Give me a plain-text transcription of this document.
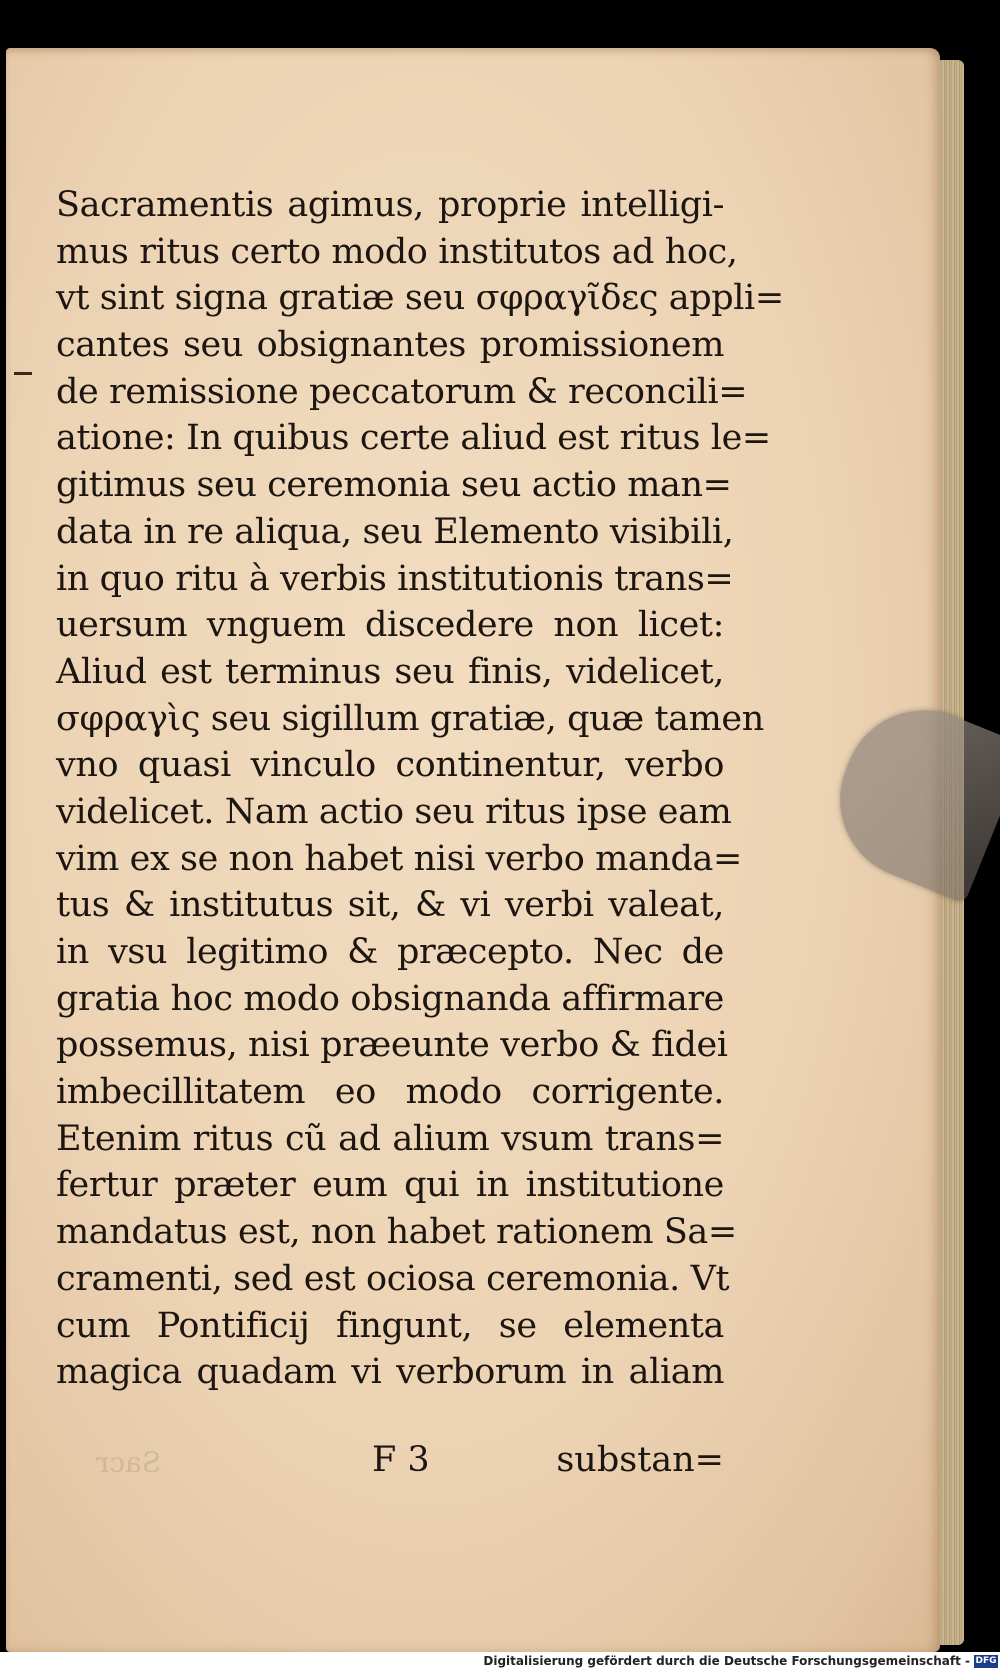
Sacramentis agimus, proprie intelligi-
mus ritus certo modo institutos ad hoc,
vt sint signa gratiæ seu σφραγῖδες appli=
cantes seu obsignantes promissionem
de remissione peccatorum & reconcili=
atione: In quibus certe aliud est ritus le=
gitimus seu ceremonia seu actio man=
data in re aliqua, seu Elemento visibili,
in quo ritu à verbis institutionis trans=
uersum vnguem discedere non licet:
Aliud est terminus seu finis, videlicet,
σφραγὶς seu sigillum gratiæ, quæ tamen
vno quasi vinculo continentur, verbo
videlicet. Nam actio seu ritus ipse eam
vim ex se non habet nisi verbo manda=
tus & institutus sit, & vi verbi valeat,
in vsu legitimo & præcepto. Nec de
gratia hoc modo obsignanda affirmare
possemus, nisi præeunte verbo & fidei
imbecillitatem eo modo corrigente.
Etenim ritus cũ ad alium vsum trans=
fertur præter eum qui in institutione
mandatus est, non habet rationem Sa=
cramenti, sed est ociosa ceremonia. Vt
cum Pontificij fingunt, se elementa
magica quadam vi verborum in aliam
Sacr	F 3	substan=
Digitalisierung gefördert durch die Deutsche Forschungsgemeinschaft - DFG
